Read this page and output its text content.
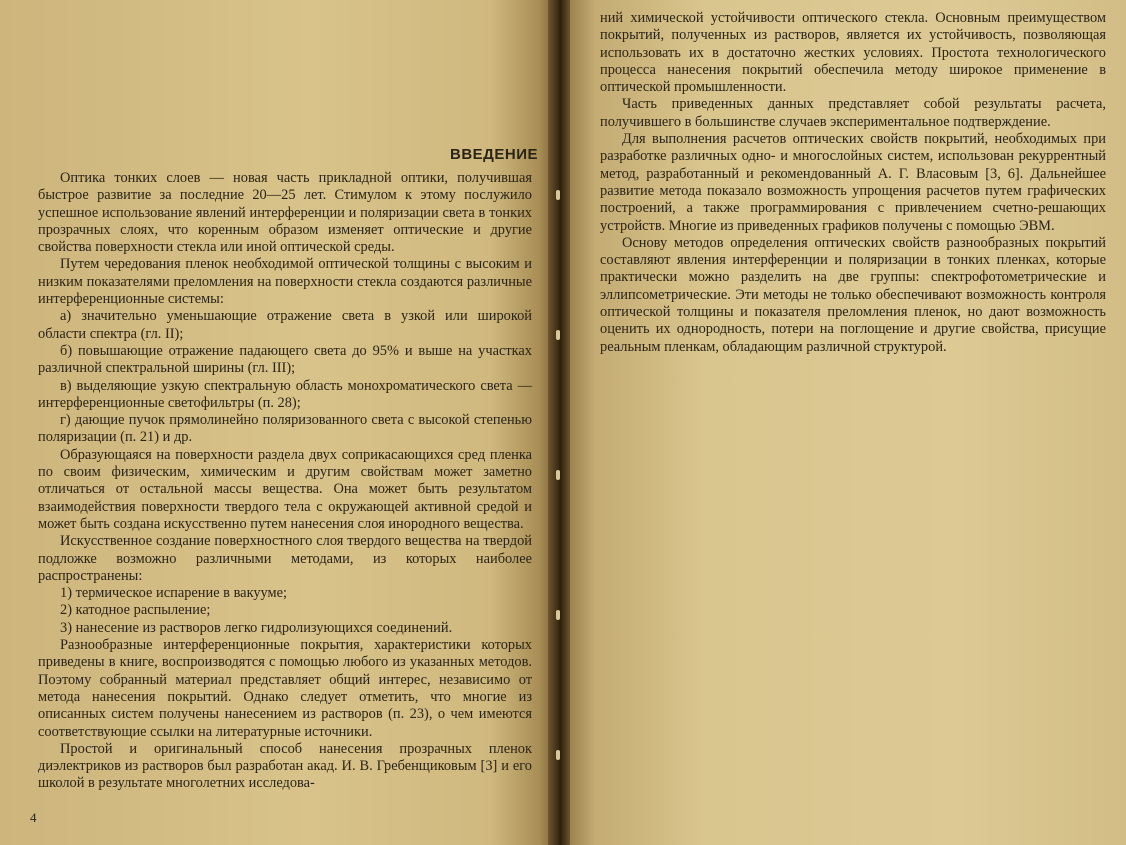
ВВЕДЕНИЕ

Оптика тонких слоев — новая часть прикладной оптики, получившая быстрое развитие за последние 20—25 лет. Стимулом к этому послужило успешное использование явлений интерференции и поляризации света в тонких прозрачных слоях, что коренным образом изменяет оптические и другие свойства поверхности стекла или иной оптической среды.

Путем чередования пленок необходимой оптической толщины с высоким и низким показателями преломления на поверхности стекла создаются различные интерференционные системы:

а) значительно уменьшающие отражение света в узкой или широкой области спектра (гл. II);

б) повышающие отражение падающего света до 95% и выше на участках различной спектральной ширины (гл. III);

в) выделяющие узкую спектральную область монохроматического света — интерференционные светофильтры (п. 28);

г) дающие пучок прямолинейно поляризованного света с высокой степенью поляризации (п. 21) и др.

Образующаяся на поверхности раздела двух соприкасающихся сред пленка по своим физическим, химическим и другим свойствам может заметно отличаться от остальной массы вещества. Она может быть результатом взаимодействия поверхности твердого тела с окружающей активной средой и может быть создана искусственно путем нанесения слоя инородного вещества.

Искусственное создание поверхностного слоя твердого вещества на твердой подложке возможно различными методами, из которых наиболее распространены:

1) термическое испарение в вакууме;

2) катодное распыление;

3) нанесение из растворов легко гидролизующихся соединений.

Разнообразные интерференционные покрытия, характеристики которых приведены в книге, воспроизводятся с помощью любого из указанных методов. Поэтому собранный материал представляет общий интерес, независимо от метода нанесения покрытий. Однако следует отметить, что многие из описанных систем получены нанесением из растворов (п. 23), о чем имеются соответствующие ссылки на литературные источники.

Простой и оригинальный способ нанесения прозрачных пленок диэлектриков из растворов был разработан акад. И. В. Гребенщиковым [3] и его школой в результате многолетних исследова-

4

ний химической устойчивости оптического стекла. Основным преимуществом покрытий, полученных из растворов, является их устойчивость, позволяющая использовать их в достаточно жестких условиях. Простота технологического процесса нанесения покрытий обеспечила методу широкое применение в оптической промышленности.

Часть приведенных данных представляет собой результаты расчета, получившего в большинстве случаев экспериментальное подтверждение.

Для выполнения расчетов оптических свойств покрытий, необходимых при разработке различных одно- и многослойных систем, использован рекуррентный метод, разработанный и рекомендованный А. Г. Власовым [3, 6]. Дальнейшее развитие метода показало возможность упрощения расчетов путем графических построений, а также программирования с привлечением счетно-решающих устройств. Многие из приведенных графиков получены с помощью ЭВМ.

Основу методов определения оптических свойств разнообразных покрытий составляют явления интерференции и поляризации в тонких пленках, которые практически можно разделить на две группы: спектрофотометрические и эллипсометрические. Эти методы не только обеспечивают возможность контроля оптической толщины и показателя преломления пленок, но дают возможность оценить их однородность, потери на поглощение и другие свойства, присущие реальным пленкам, обладающим различной структурой.
